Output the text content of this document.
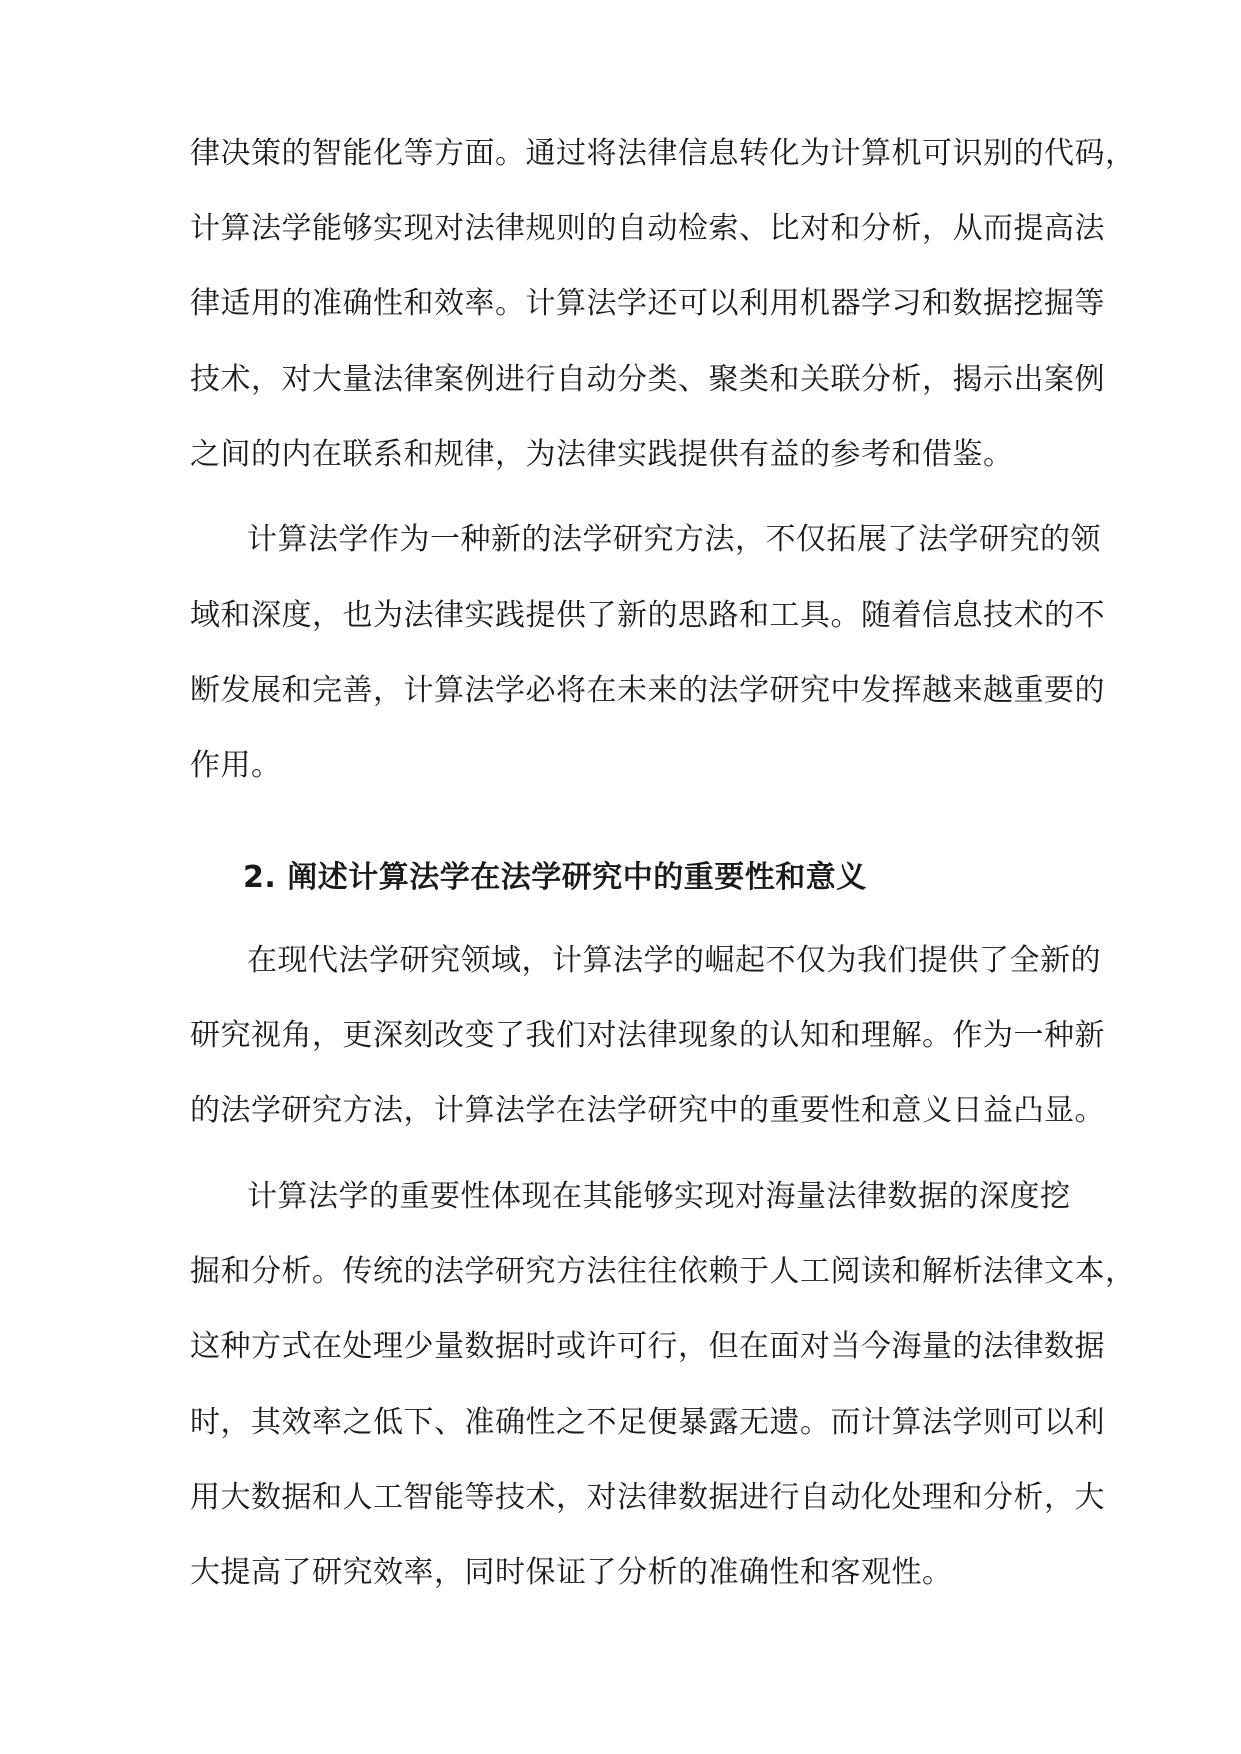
律决策的智能化等方面。通过将法律信息转化为计算机可识别的代码，
计算法学能够实现对法律规则的自动检索、比对和分析，从而提高法
律适用的准确性和效率。计算法学还可以利用机器学习和数据挖掘等
技术，对大量法律案例进行自动分类、聚类和关联分析，揭示出案例
之间的内在联系和规律，为法律实践提供有益的参考和借鉴。
计算法学作为一种新的法学研究方法，不仅拓展了法学研究的领
域和深度，也为法律实践提供了新的思路和工具。随着信息技术的不
断发展和完善，计算法学必将在未来的法学研究中发挥越来越重要的
作用。
2. 阐述计算法学在法学研究中的重要性和意义
在现代法学研究领域，计算法学的崛起不仅为我们提供了全新的
研究视角，更深刻改变了我们对法律现象的认知和理解。作为一种新
的法学研究方法，计算法学在法学研究中的重要性和意义日益凸显。
计算法学的重要性体现在其能够实现对海量法律数据的深度挖
掘和分析。传统的法学研究方法往往依赖于人工阅读和解析法律文本，
这种方式在处理少量数据时或许可行，但在面对当今海量的法律数据
时，其效率之低下、准确性之不足便暴露无遗。而计算法学则可以利
用大数据和人工智能等技术，对法律数据进行自动化处理和分析，大
大提高了研究效率，同时保证了分析的准确性和客观性。
